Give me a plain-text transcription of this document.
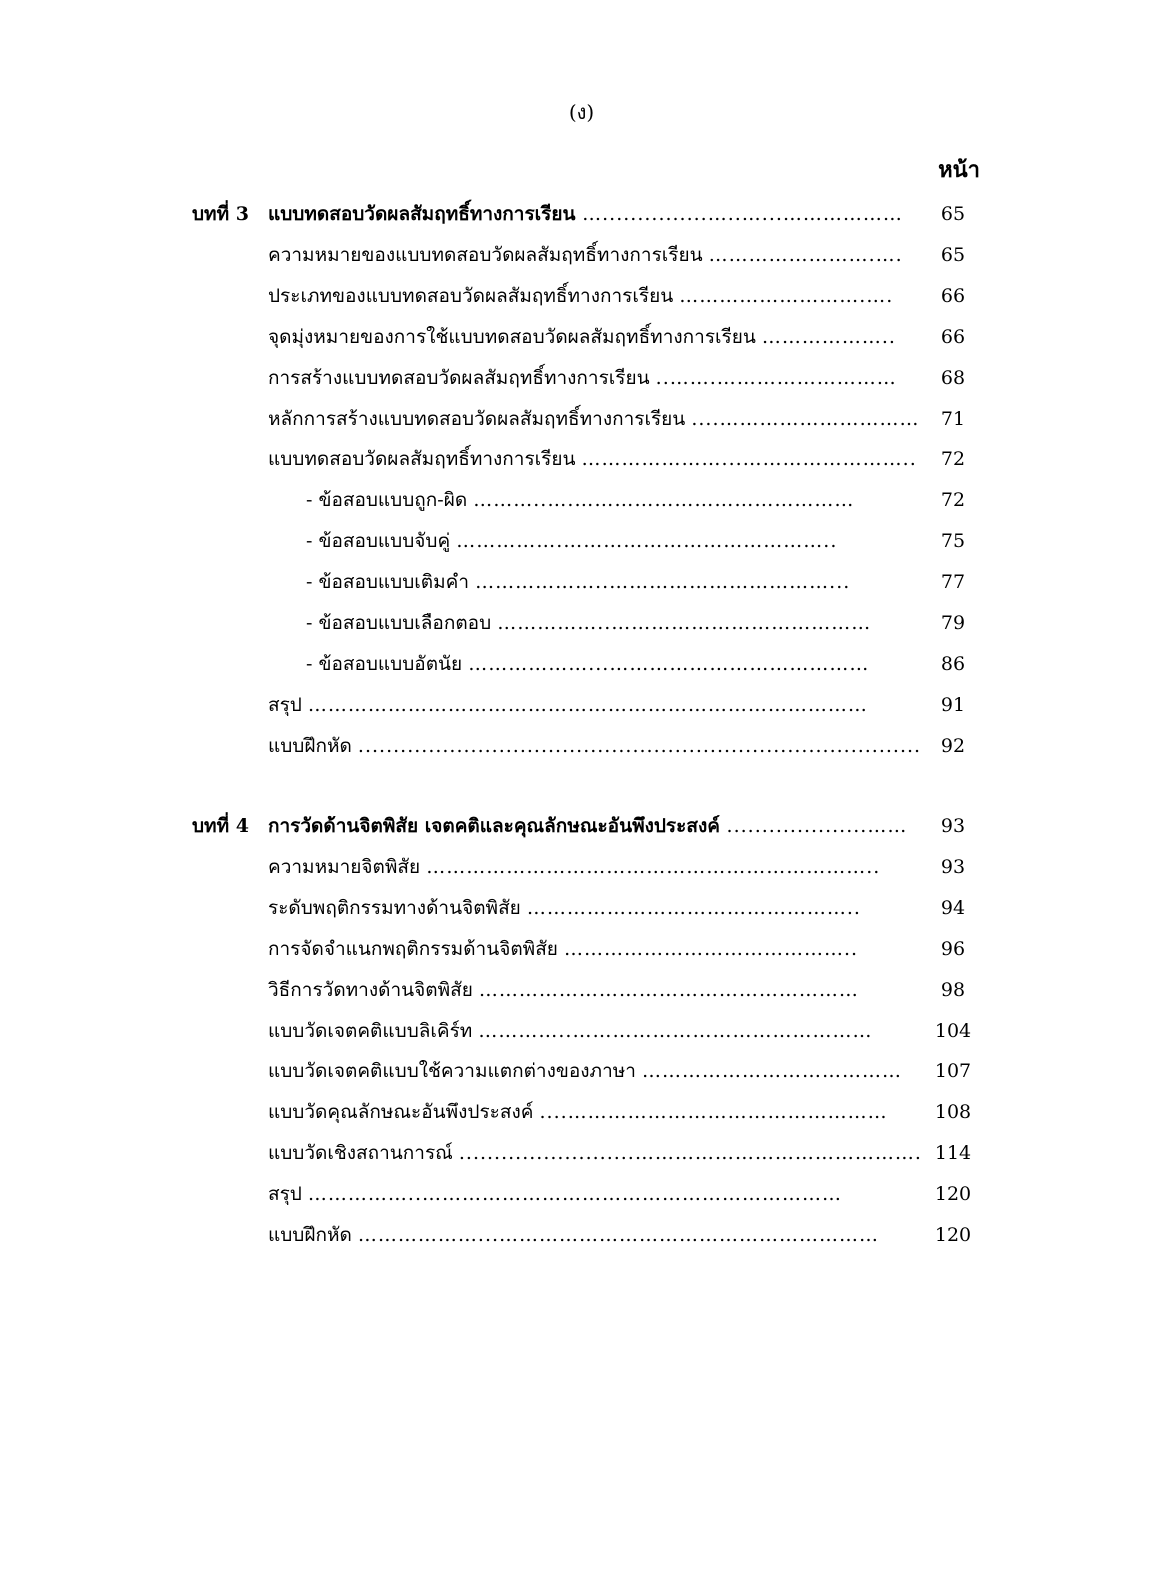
(ง)
หน้า
บทที่ 3 แบบทดสอบวัดผลสัมฤทธิ์ทางการเรียน …...............…..…...………………	65
ความหมายของแบบทดสอบวัดผลสัมฤทธิ์ทางการเรียน …………………….….	65
ประเภทของแบบทดสอบวัดผลสัมฤทธิ์ทางการเรียน ……………………….….	66
จุดมุ่งหมายของการใช้แบบทดสอบวัดผลสัมฤทธิ์ทางการเรียน ………………..	66
การสร้างแบบทดสอบวัดผลสัมฤทธิ์ทางการเรียน ..…….………………………	68
หลักการสร้างแบบทดสอบวัดผลสัมฤทธิ์ทางการเรียน ....…………………………	71
แบบทดสอบวัดผลสัมฤทธิ์ทางการเรียน …………………...……………………..	72
- ข้อสอบแบบถูก-ผิด ………..….……………………………………	72
- ข้อสอบแบบจับคู่ …………….…………………………………..	75
- ข้อสอบแบบเติมคำ ………………..……………………………...	77
- ข้อสอบแบบเลือกตอบ ……………..…………………………………	79
- ข้อสอบแบบอัตนัย ………………...…………………………………	86
สรุป …………………………………………………………………………	91
แบบฝึกหัด ................................................................................	92
บทที่ 4 การวัดด้านจิตพิสัย เจตคติและคุณลักษณะอันพึงประสงค์ ....................……	93
ความหมายจิตพิสัย …………………………………………………………..	93
ระดับพฤติกรรมทางด้านจิตพิสัย …………………………………………..	94
การจัดจำแนกพฤติกรรมด้านจิตพิสัย ……………………………………..	96
วิธีการวัดทางด้านจิตพิสัย …………………………………………………	98
แบบวัดเจตคติแบบลิเคิร์ท …………..………………………………………	104
แบบวัดเจตคติแบบใช้ความแตกต่างของภาษา ………………………………… 107
แบบวัดคุณลักษณะอันพึงประสงค์ ....………………………………………… 108
แบบวัดเชิงสถานการณ์ .........................……………………………………. 114
สรุป ……………..………………………………………………………	120
แบบฝึกหัด ………………...…………………………………………………	120
